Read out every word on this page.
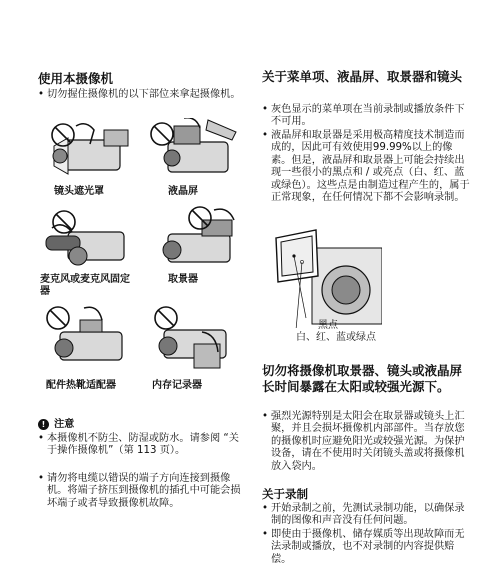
使用本摄像机
• 切勿握住摄像机的以下部位来拿起摄像机。
镜头遮光罩	液晶屏
麦克风或麦克风固定器
取景器
配件热靴适配器	内存记录器
! 注意
• 本摄像机不防尘、防湿或防水。请参阅 “关于操作摄像机”（第 113 页）。
• 请勿将电缆以错误的端子方向连接到摄像机。将端子挤压到摄像机的插孔中可能会损坏端子或者导致摄像机故障。
关于菜单项、液晶屏、取景器和镜头
• 灰色显示的菜单项在当前录制或播放条件下不可用。
• 液晶屏和取景器是采用极高精度技术制造而成的，因此可有效使用99.99%以上的像素。但是，液晶屏和取景器上可能会持续出现一些很小的黑点和 / 或亮点（白、红、蓝或绿色）。这些点是由制造过程产生的，属于正常现象，在任何情况下都不会影响录制。
黑点
白、红、蓝或绿点
切勿将摄像机取景器、镜头或液晶屏长时间暴露在太阳或较强光源下。
• 强烈光源特别是太阳会在取景器或镜头上汇聚，并且会损坏摄像机内部部件。当存放您的摄像机时应避免阳光或较强光源。为保护设备，请在不使用时关闭镜头盖或将摄像机放入袋内。
关于录制
• 开始录制之前，先测试录制功能，以确保录制的图像和声音没有任何问题。
• 即使由于摄像机、储存媒质等出现故障而无法录制或播放，也不对录制的内容提供赔偿。
